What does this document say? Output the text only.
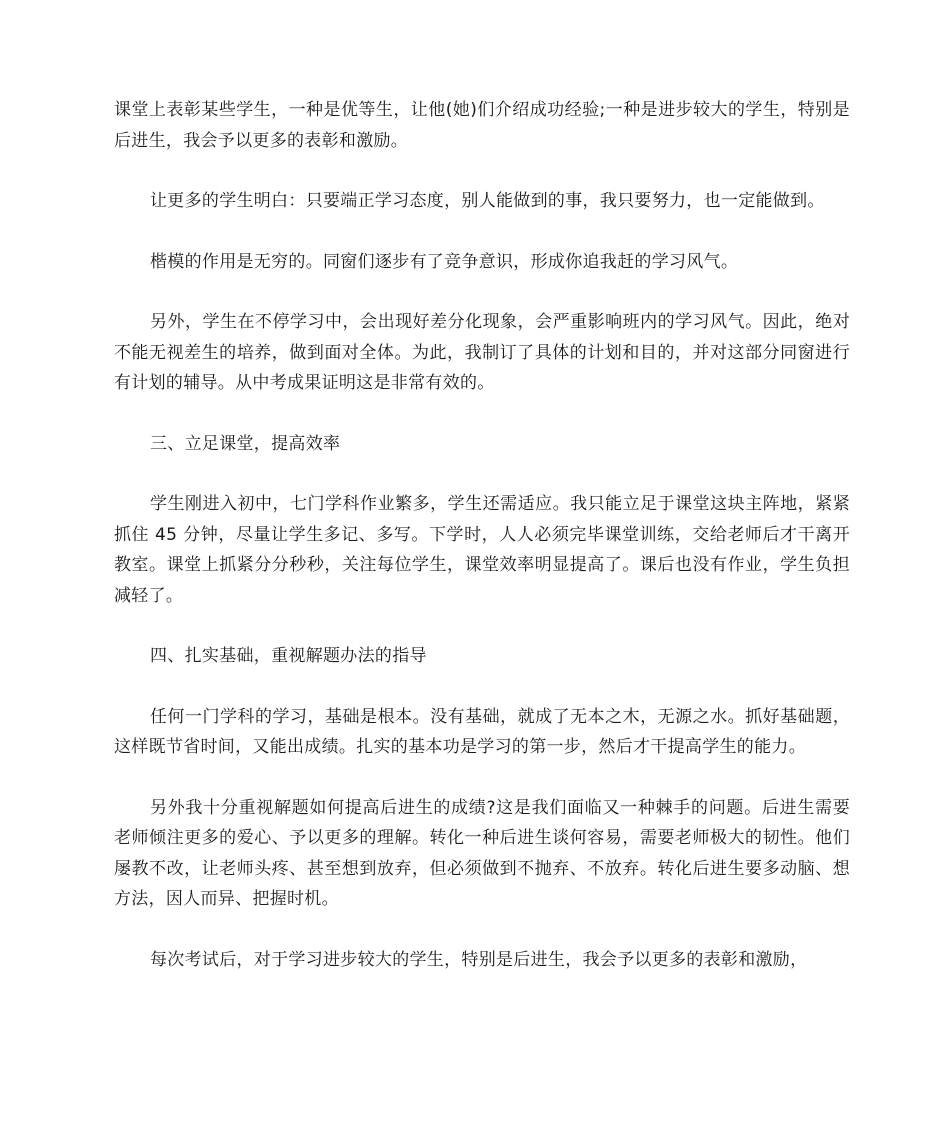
课堂上表彰某些学生，一种是优等生，让他(她)们介绍成功经验;一种是进步较大的学生，特别是后进生，我会予以更多的表彰和激励。

让更多的学生明白：只要端正学习态度，别人能做到的事，我只要努力，也一定能做到。

楷模的作用是无穷的。同窗们逐步有了竞争意识，形成你追我赶的学习风气。

另外，学生在不停学习中，会出现好差分化现象，会严重影响班内的学习风气。因此，绝对不能无视差生的培养，做到面对全体。为此，我制订了具体的计划和目的，并对这部分同窗进行有计划的辅导。从中考成果证明这是非常有效的。

三、立足课堂，提高效率

学生刚进入初中，七门学科作业繁多，学生还需适应。我只能立足于课堂这块主阵地，紧紧抓住 45 分钟，尽量让学生多记、多写。下学时，人人必须完毕课堂训练，交给老师后才干离开教室。课堂上抓紧分分秒秒，关注每位学生，课堂效率明显提高了。课后也没有作业，学生负担减轻了。

四、扎实基础，重视解题办法的指导

任何一门学科的学习，基础是根本。没有基础，就成了无本之木，无源之水。抓好基础题，这样既节省时间，又能出成绩。扎实的基本功是学习的第一步，然后才干提高学生的能力。

另外我十分重视解题如何提高后进生的成绩?这是我们面临又一种棘手的问题。后进生需要老师倾注更多的爱心、予以更多的理解。转化一种后进生谈何容易，需要老师极大的韧性。他们屡教不改，让老师头疼、甚至想到放弃，但必须做到不抛弃、不放弃。转化后进生要多动脑、想方法，因人而异、把握时机。

每次考试后，对于学习进步较大的学生，特别是后进生，我会予以更多的表彰和激励，
